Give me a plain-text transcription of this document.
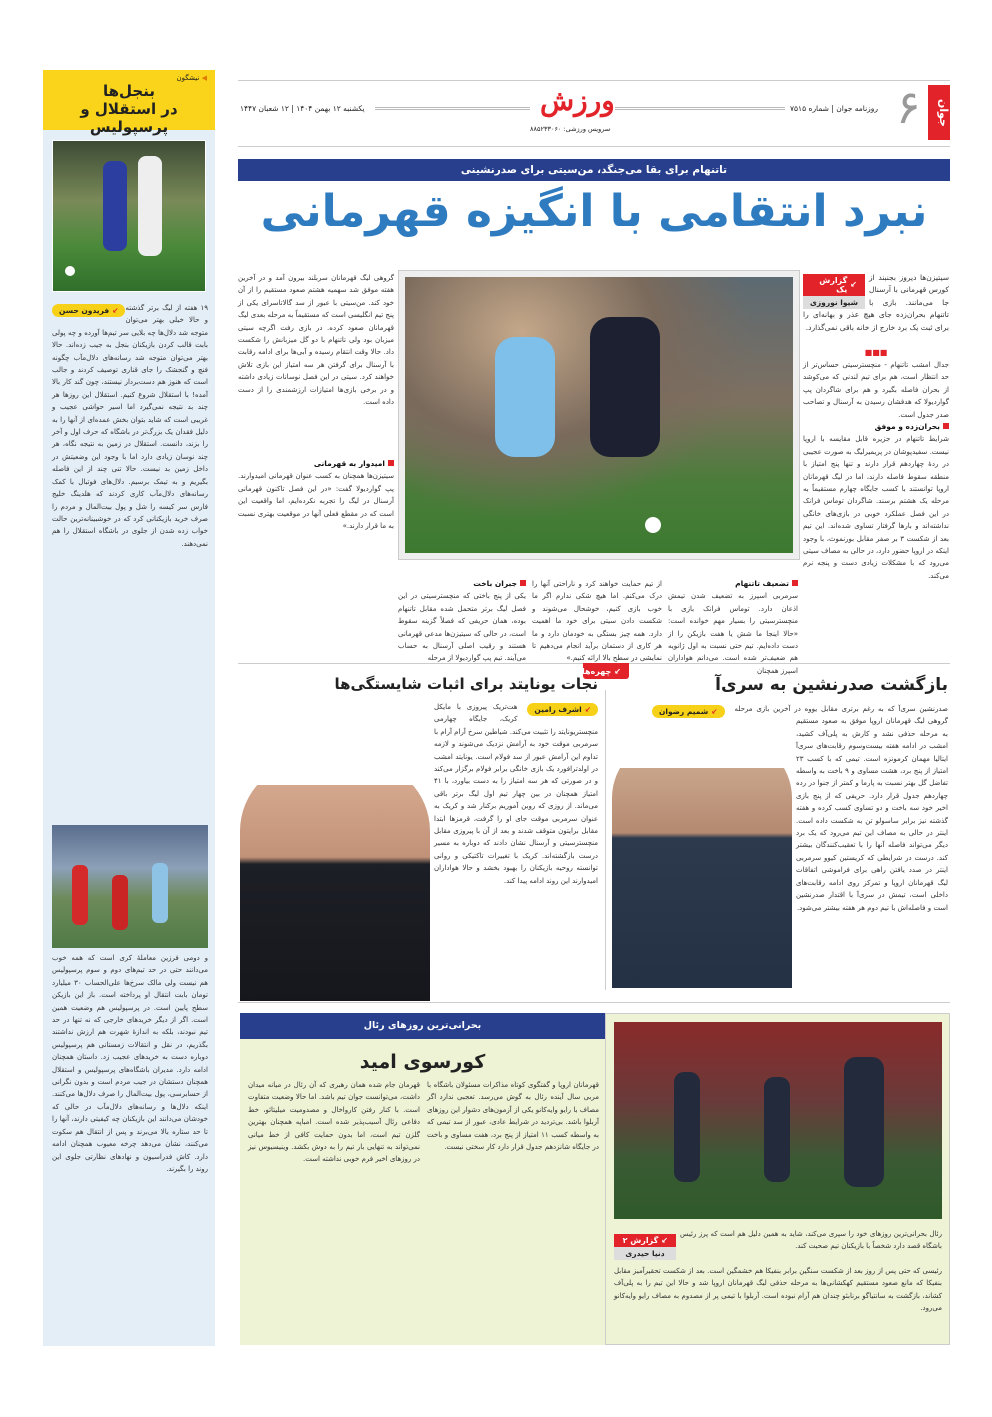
◀ نیشگون
بنجل‌ها
در استقلال و پرسپولیس
↙
فریدون حسن	۱۹ هفته از لیگ برتر گذشته و حالا خیلی بهتر می‌توان متوجه شد دلال‌ها چه بلایی سر تیم‌ها آورده و چه پولی بابت قالب کردن بازیکنان بنجل به جیب زده‌اند. حالا بهتر می‌توان متوجه شد رسانه‌های دلال‌مآب چگونه فنچ و گنجشک را جای قناری توصیف کردند و جالب است که هنوز هم دست‌بردار نیستند، چون گند کار بالا آمده! با استقلال شروع کنیم. استقلال این روزها هر چند بد نتیجه نمی‌گیرد اما اسیر حواشی عجیب و غریبی است که شاید بتوان بخش عمده‌ای از آنها را به دلیل فقدان یک بزرگ‌تر در باشگاه که حرف اول و آخر را بزند، دانست. استقلال در زمین به نتیجه نگاه، هر چند نوسان زیادی دارد اما با وجود این وضعیتش در داخل زمین بد نیست. حالا تنی چند از این فاصله بگیریم و به تیمک برسیم. دلال‌های فوتبال با کمک رسانه‌های دلال‌مآب کاری کردند که هلدینگ خلیج فارس سر کیسه را شل و پول بیت‌المال و مردم را صرف خرید بازیکنانی کرد که در خوشبینانه‌ترین حالت خواب زده شدن از جلوی در باشگاه استقلال را هم نمی‌دهند.
و دومی فرزین معاملهٔ کری است که همه خوب می‌دانند حتی در حد تیم‌های دوم و سوم پرسپولیس هم نیست ولی مالک سرخ‌ها علی‌الحساب ۳۰ میلیارد تومان بابت انتقال او پرداخته است. باز این بازیکن سطح پایین است. در پرسپولیس هم وضعیت همین است. اگر از دیگر خریدهای خارجی که نه تنها در حد تیم نبودند، بلکه به اندازهٔ شهرت هم ارزش نداشتند بگذریم، در نقل و انتقالات زمستانی هم پرسپولیس دوباره دست به خریدهای عجیب زد. داستان همچنان ادامه دارد. مدیران باشگاه‌های پرسپولیس و استقلال همچنان دستشان در جیب مردم است و بدون نگرانی از حسابرسی، پول بیت‌المال را صرف دلال‌ها می‌کنند. اینکه دلال‌ها و رسانه‌های دلال‌مآب در حالی که خودشان می‌دانند این بازیکنان چه کیفیتی دارند، آنها را تا حد ستاره بالا می‌برند و پس از انتقال هم سکوت می‌کنند، نشان می‌دهد چرخه معیوب همچنان ادامه دارد. کاش فدراسیون و نهادهای نظارتی جلوی این روند را بگیرند.
جوان
۶
روزنامه جوان | شماره ۷۵۱۵
ورزش
سرویس ورزشی: ۸۸۵۲۳۳۰۶۰
یکشنبه ۱۲ بهمن ۱۴۰۴ | ۱۲ شعبان ۱۴۴۷
تاتنهام برای بقا می‌جنگد، من‌سیتی برای صدرنشینی
نبرد انتقامی با انگیزه قهرمانی
↙
گزارش یک
شیوا نوروزی
سیتیزن‌ها دیروز بجنبند از کورس قهرمانی با آرسنال جا می‌مانند. بازی با تاتنهام بحران‌زده جای هیچ عذر و بهانه‌ای را برای ثبت یک برد خارج از خانه باقی نمی‌گذارد.
■■■
جدال امشب تاتنهام - منچسترسیتی حساس‌تر از حد انتظار است، هم برای تیم لندنی که می‌کوشد از بحران فاصله بگیرد و هم برای شاگردان پپ گواردیولا که هدفشان رسیدن به آرسنال و تصاحب صدر جدول است.
بحران‌زده و موفق
شرایط تاتنهام در جزیره قابل مقایسه با اروپا نیست. سفیدپوشان در پریمیرلیگ به صورت عجیبی در ردهٔ چهاردهم قرار دارند و تنها پنج امتیاز با منطقه سقوط فاصله دارند، اما در لیگ قهرمانان اروپا توانستند با کسب جایگاه چهارم مستقیماً به مرحله یک هشتم برسند. شاگردان توماس فرانک در این فصل عملکرد خوبی در بازی‌های خانگی نداشته‌اند و بارها گرفتار تساوی شده‌اند. این تیم بعد از شکست ۳ بر صفر مقابل بورنموث، با وجود اینکه در اروپا حضور دارد، در حالی به مصاف سیتی می‌رود که با مشکلات زیادی دست و پنجه نرم می‌کند.
گروهی لیگ قهرمانان سربلند بیرون آمد و در آخرین هفته موفق شد سهمیه هشتم صعود مستقیم را از آن خود کند. من‌سیتی با عبور از سد گالاتاسرای یکی از پنج تیم انگلیسی است که مستقیماً به مرحله بعدی لیگ قهرمانان صعود کرده. در بازی رفت اگرچه سیتی میزبان بود ولی تاتنهام با دو گل میزبانش را شکست داد. حالا وقت انتقام رسیده و آبی‌ها برای ادامه رقابت با آرسنال برای گرفتن هر سه امتیاز این بازی تلاش خواهند کرد. سیتی در این فصل نوسانات زیادی داشته و در برخی بازی‌ها امتیازات ارزشمندی را از دست داده است.
امیدوار به قهرمانی
سیتیزن‌ها همچنان به کسب عنوان قهرمانی امیدوارند. پپ گواردیولا گفت: «در این فصل تاکنون قهرمانی آرسنال در لیگ را تجربه نکرده‌ایم، اما واقعیت این است که در مقطع فعلی آنها در موقعیت بهتری نسبت به ما قرار دارند.»
تضعیف تاتنهام
سرمربی اسپرز به تضعیف شدن تیمش اذعان دارد. توماس فرانک بازی با منچسترسیتی را بسیار مهم خوانده است: «حالا اینجا ما شش یا هفت بازیکن را از دست داده‌ایم. تیم حتی نسبت به اول ژانویه هم ضعیف‌تر شده است. می‌دانم هواداران اسپرز همچنان
از تیم حمایت خواهند کرد و ناراحتی آنها را درک می‌کنم. اما هیچ شکی ندارم اگر ما خوب بازی کنیم، خوشحال می‌شوند و شکست دادن سیتی برای خود ما اهمیت دارد. همه چیز بستگی به خودمان دارد و ما هر کاری از دستمان برآید انجام می‌دهیم تا نمایشی در سطح بالا ارائه کنیم.»
جبران باخت
یکی از پنج باختی که منچسترسیتی در این فصل لیگ برتر متحمل شده مقابل تاتنهام بوده، همان حریفی که فصلاً گزینه سقوط است، در حالی که سیتیزن‌ها مدعی قهرمانی هستند و رقیب اصلی آرسنال به حساب می‌آیند. تیم پپ گواردیولا از مرحله
↙
چهره‌ها
بازگشت صدرنشین به سری‌آ
↙
شمیم رضوان	صدرنشین سری‌آ که به رغم برتری مقابل یووه در آخرین بازی مرحله گروهی لیگ قهرمانان اروپا موفق به صعود مستقیم به مرحله حذفی نشد و کارش به پلی‌آف کشید، امشب در ادامه هفته بیست‌وسوم رقابت‌های سری‌آ ایتالیا مهمان کرمونزه است. تیمی که با کسب ۲۳ امتیاز از پنج برد، هشت مساوی و ۹ باخت به واسطه تفاضل گل بهتر نسبت به پارما و کمتر از جنوا در رده چهاردهم جدول قرار دارد. حریفی که از پنج بازی اخیر خود سه باخت و دو تساوی کسب کرده و هفته گذشته نیز برابر ساسولو تن به شکست داده است. اینتر در حالی به مصاف این تیم می‌رود که یک برد دیگر می‌تواند فاصله آنها را با تعقیب‌کنندگان بیشتر کند. درست در شرایطی که کریستین کیوو سرمربی اینتر در صدد یافتن راهی برای فراموشی اتفاقات لیگ قهرمانان اروپا و تمرکز روی ادامه رقابت‌های داخلی است، تیمش در سری‌آ با اقتدار صدرنشین است و فاصله‌اش با تیم دوم هر هفته بیشتر می‌شود.
نجات یونایتد برای اثبات شایستگی‌ها
↙
اشرف رامین
هت‌تریک پیروزی با مایکل کریک، جایگاه چهارمی منچستریونایتد را تثبیت می‌کند. شیاطین سرخ آرام آرام با سرمربی موقت خود به آرامش نزدیک می‌شوند و لازمه تداوم این آرامش عبور از سد فولام است. یونایتد امشب در اولدترافورد یک بازی خانگی برابر فولام برگزار می‌کند و در صورتی که هر سه امتیاز را به دست بیاورد، با ۴۱ امتیاز همچنان در بین چهار تیم اول لیگ برتر باقی می‌ماند. از روزی که روبن آموریم برکنار شد و کریک به عنوان سرمربی موقت جای او را گرفت، قرمزها ابتدا مقابل برایتون متوقف شدند و بعد از آن با پیروزی مقابل منچسترسیتی و آرسنال نشان دادند که دوباره به مسیر درست بازگشته‌اند. کریک با تغییرات تاکتیکی و روانی توانسته روحیه بازیکنان را بهبود بخشد و حالا هواداران امیدوارند این روند ادامه پیدا کند.
↙
گزارش ۲
دنیا حیدری
رئال بحرانی‌ترین روزهای خود را سپری می‌کند، شاید به همین دلیل هم است که پرز رئیس باشگاه قصد دارد شخصاً با بازیکنان تیم صحبت کند.
رئیسی که حتی پس از روز بعد از شکست سنگین برابر بنفیکا هم خشمگین است. بعد از شکست تحقیرآمیز مقابل بنفیکا که مانع صعود مستقیم کهکشانی‌ها به مرحله حذفی لیگ قهرمانان اروپا شد و حالا این تیم را به پلی‌آف کشاند، بازگشت به سانتیاگو برنابئو چندان هم آرام نبوده است. آربلوا با تیمی پر از مصدوم به مصاف رایو وایه‌کانو می‌رود.
بحرانی‌ترین روزهای رئال
کورسوی امید
قهرمانان اروپا و گفتگوی کوتاه مذاکرات مسئولان باشگاه با مربی سال آینده رئال به گوش می‌رسد. تعجبی ندارد اگر مصاف با رایو وایه‌کانو یکی از آزمون‌های دشوار این روزهای آربلوا باشد. بی‌تردید در شرایط عادی، عبور از سد تیمی که به واسطه کسب ۱۱ امتیاز از پنج برد، هفت مساوی و باخت در جایگاه شانزدهم جدول قرار دارد کار سختی نیست.
قهرمان جام شده همان رهبری که آن رئال در میانه میدان داشت، می‌توانست جوان تیم باشد. اما حالا وضعیت متفاوت است. با کنار رفتن کارواخال و مصدومیت میلیتائو، خط دفاعی رئال آسیب‌پذیر شده است. امباپه همچنان بهترین گلزن تیم است، اما بدون حمایت کافی از خط میانی نمی‌تواند به تنهایی بار تیم را به دوش بکشد. وینیسیوس نیز در روزهای اخیر فرم خوبی نداشته است.
